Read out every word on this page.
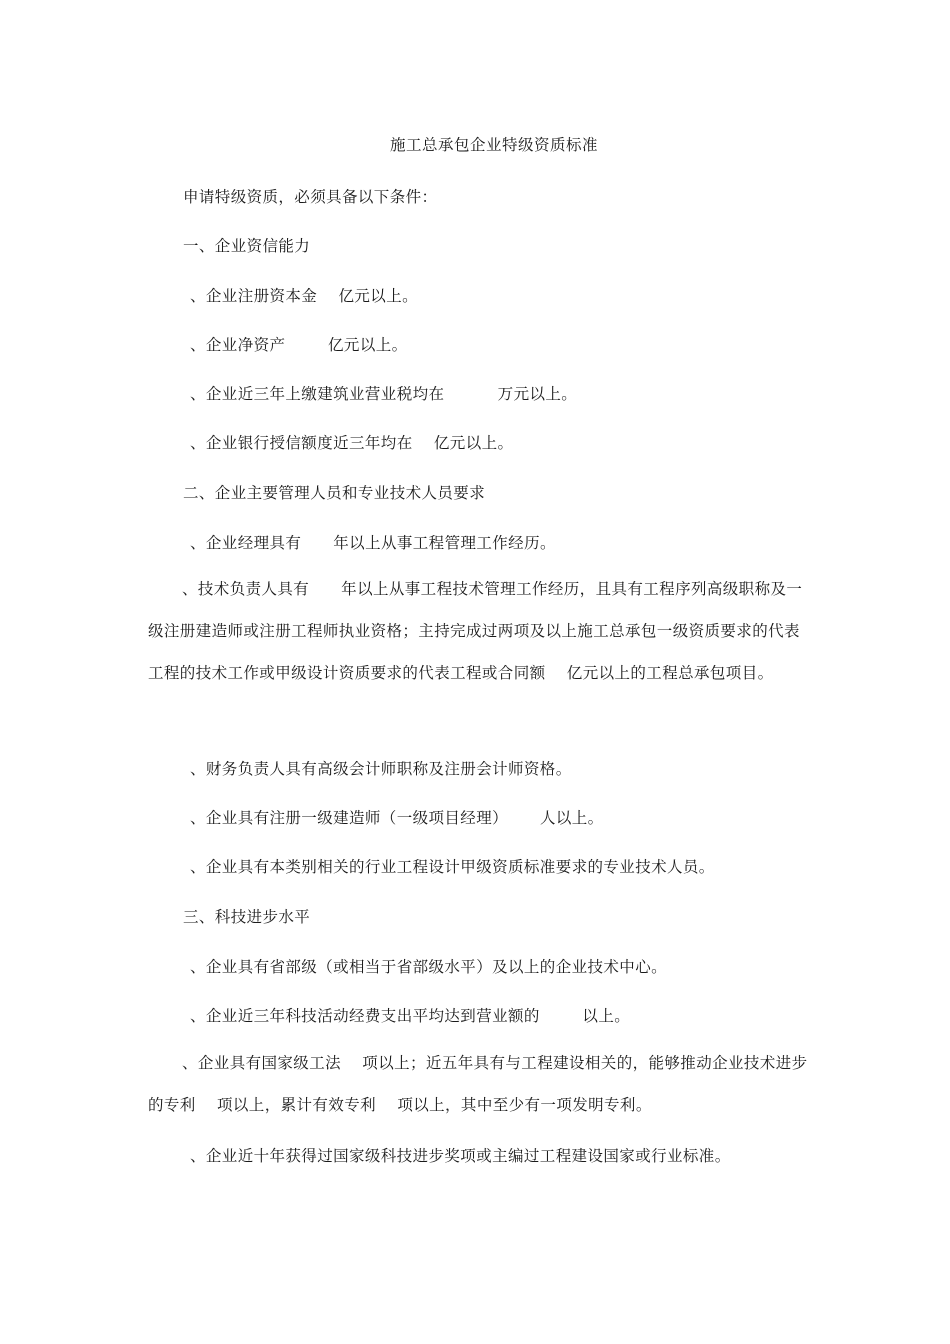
施工总承包企业特级资质标准
申请特级资质，必须具备以下条件：
一、企业资信能力
、企业注册资本金    亿元以上。
、企业净资产        亿元以上。
、企业近三年上缴建筑业营业税均在          万元以上。
、企业银行授信额度近三年均在    亿元以上。
二、企业主要管理人员和专业技术人员要求
、企业经理具有      年以上从事工程管理工作经历。
、技术负责人具有      年以上从事工程技术管理工作经历，且具有工程序列高级职称及一级注册建造师或注册工程师执业资格；主持完成过两项及以上施工总承包一级资质要求的代表工程的技术工作或甲级设计资质要求的代表工程或合同额    亿元以上的工程总承包项目。
、财务负责人具有高级会计师职称及注册会计师资格。
、企业具有注册一级建造师（一级项目经理）      人以上。
、企业具有本类别相关的行业工程设计甲级资质标准要求的专业技术人员。
三、科技进步水平
、企业具有省部级（或相当于省部级水平）及以上的企业技术中心。
、企业近三年科技活动经费支出平均达到营业额的        以上。
、企业具有国家级工法    项以上；近五年具有与工程建设相关的，能够推动企业技术进步的专利    项以上，累计有效专利    项以上，其中至少有一项发明专利。
、企业近十年获得过国家级科技进步奖项或主编过工程建设国家或行业标准。
